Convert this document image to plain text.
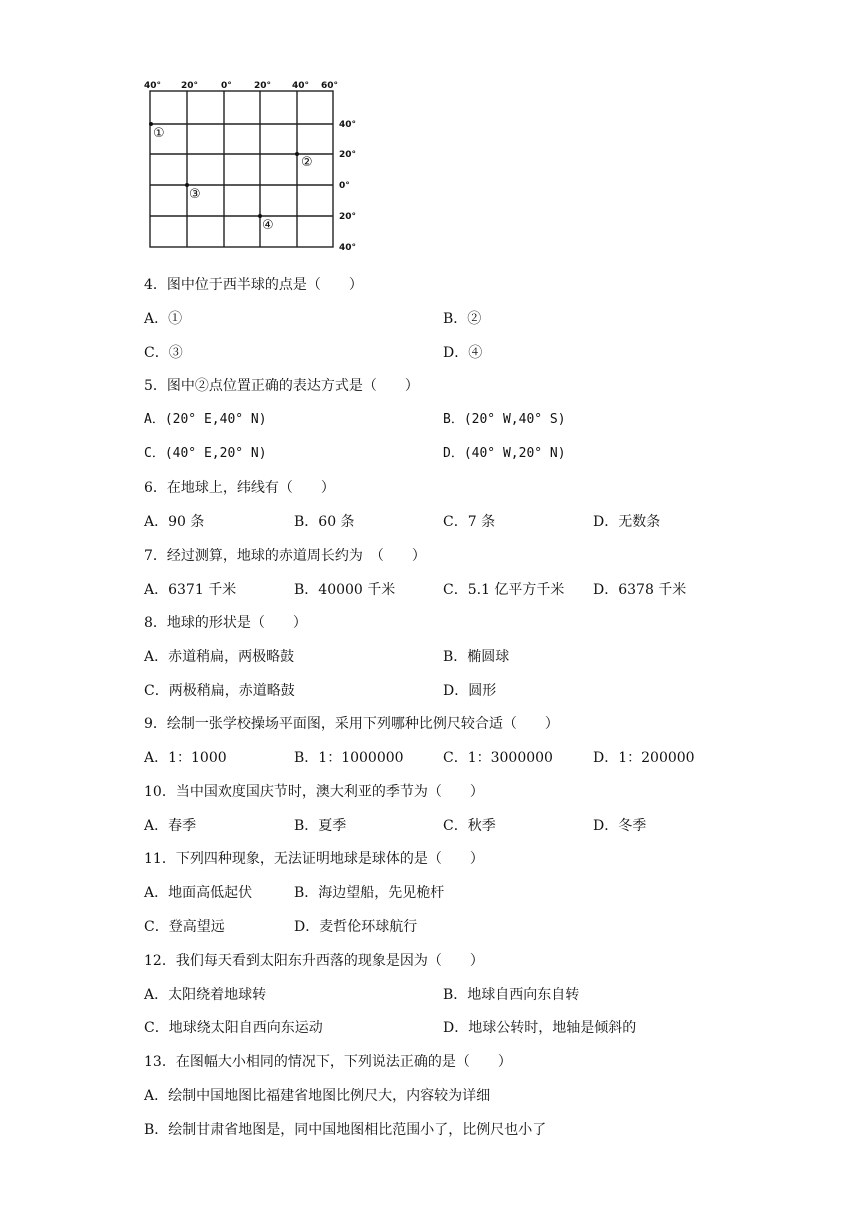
40° 20°	0° 20° 40° 60°
40°
20°
0°
20°
40°
①
②
③
④
4．图中位于西半球的点是（　　）
A．①	B．②
C．③	D．④
5．图中②点位置正确的表达方式是（　　）
A．(20° E,40° N)	B．(20° W,40° S)
C．(40° E,20° N)	D．(40° W,20° N)
6．在地球上，纬线有（　　）
A．90 条	B．60 条	C．7 条	D．无数条
7．经过测算，地球的赤道周长约为　（　　）
A．6371 千米	B．40000 千米	C．5.1 亿平方千米 D．6378 千米
8．地球的形状是（　　）
A．赤道稍扁，两极略鼓	B．椭圆球
C．两极稍扁，赤道略鼓	D．圆形
9．绘制一张学校操场平面图，采用下列哪种比例尺较合适（　　）
A．1：1000	B．1：1000000	C．1：3000000	D．1：200000
10．当中国欢度国庆节时，澳大利亚的季节为（　　）
A．春季	B．夏季	C．秋季	D．冬季
11．下列四种现象，无法证明地球是球体的是（　　）
A．地面高低起伏	B．海边望船，先见桅杆
C．登高望远	D．麦哲伦环球航行
12．我们每天看到太阳东升西落的现象是因为（　　）
A．太阳绕着地球转	B．地球自西向东自转
C．地球绕太阳自西向东运动	D．地球公转时，地轴是倾斜的
13．在图幅大小相同的情况下，下列说法正确的是（　　）
A．绘制中国地图比福建省地图比例尺大，内容较为详细
B．绘制甘肃省地图是，同中国地图相比范围小了，比例尺也小了
